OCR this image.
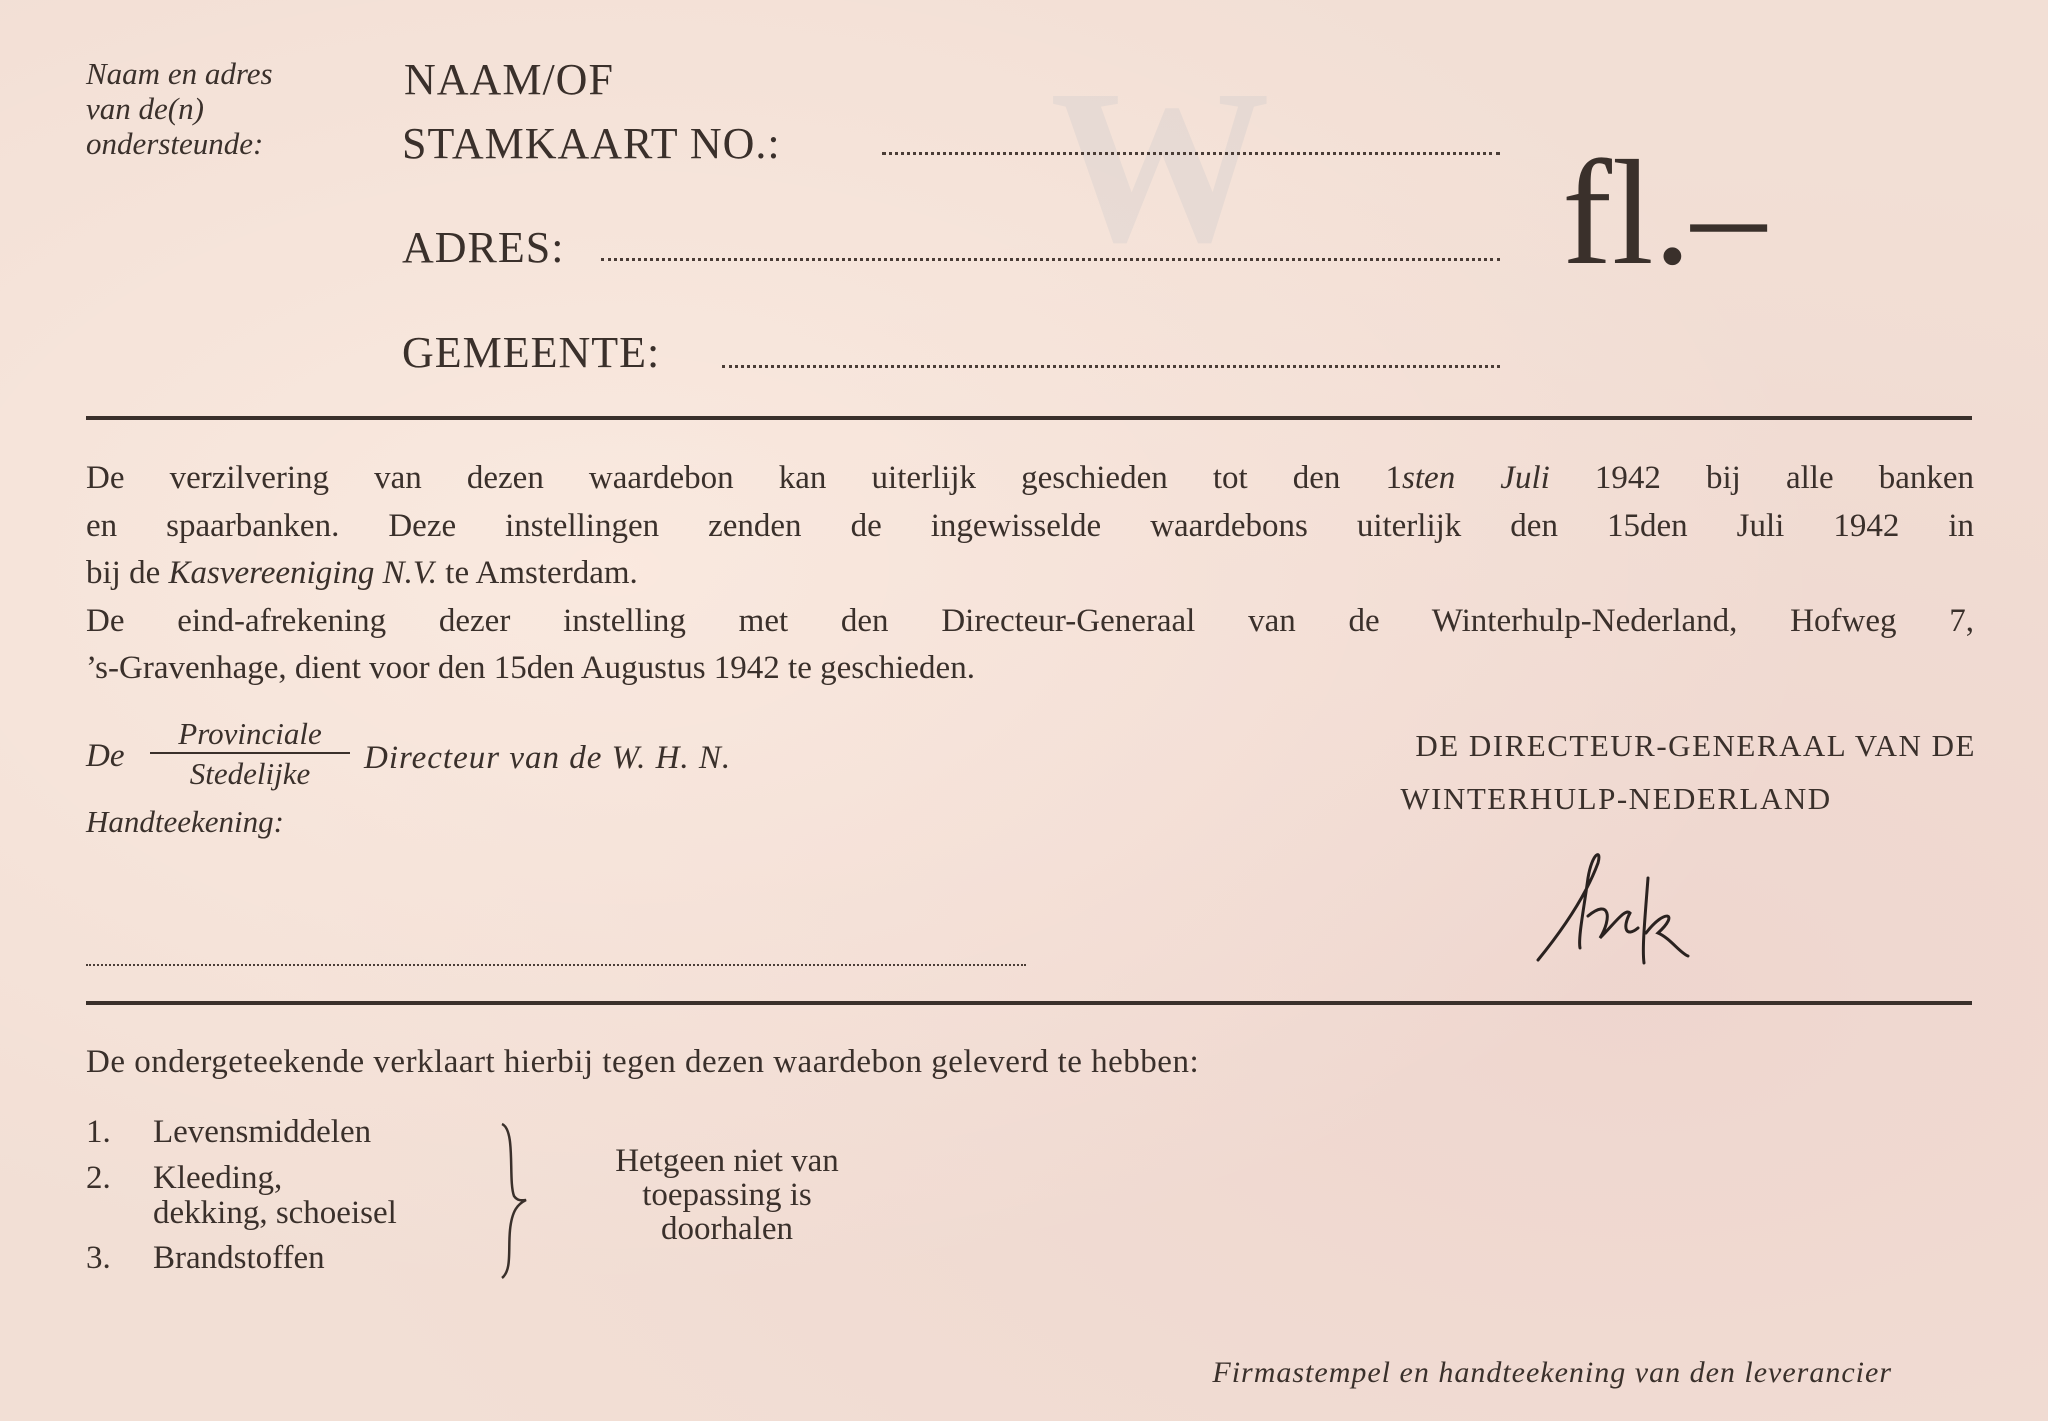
W
Naam en adres
van de(n)
ondersteunde:
NAAM/OF
STAMKAART NO.:
ADRES:
GEMEENTE:
fl.–
De verzilvering van dezen waardebon kan uiterlijk geschieden tot den 1sten Juli 1942 bij alle banken
en spaarbanken. Deze instellingen zenden de ingewisselde waardebons uiterlijk den 15den Juli 1942 in
bij de Kasvereeniging N.V. te Amsterdam.
De eind-afrekening dezer instelling met den Directeur-Generaal van de Winterhulp-Nederland, Hofweg 7,
’s-Gravenhage, dient voor den 15den Augustus 1942 te geschieden.
De
Provinciale
Stedelijke	Directeur van de W. H. N.
Handteekening:
DE DIRECTEUR-GENERAAL VAN DE
WINTERHULP-NEDERLAND
De ondergeteekende verklaart hierbij tegen dezen waardebon geleverd te hebben:
1. Levensmiddelen
2. Kleeding,
dekking, schoeisel
3. Brandstoffen
Hetgeen niet van
toepassing is
doorhalen
Firmastempel en handteekening van den leverancier
